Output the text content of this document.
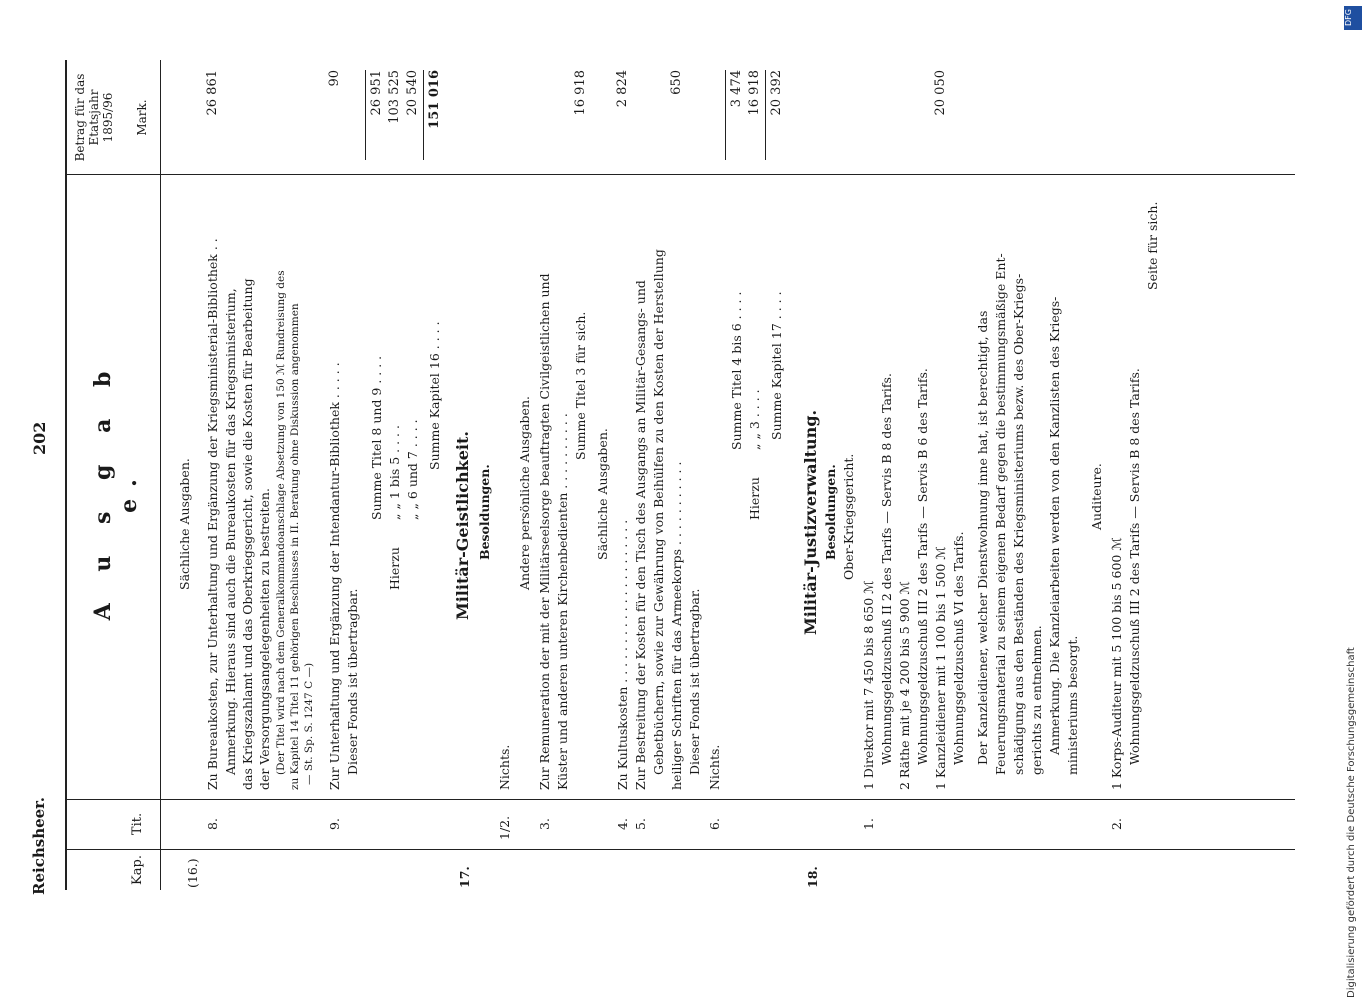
Reichsheer.
202
Kap.
Tit.
A u s g a b e.
Betrag für das Etatsjahr 1895/96 Mark.
(16.)
Sächliche Ausgaben.
8.
Zu Bureaukosten, zur Unterhaltung und Ergänzung der Kriegsministerial-Bibliothek . . Anmerkung. Hieraus sind auch die Bureaukosten für das Kriegsministerium, das Kriegszahlamt und das Oberkriegsgericht, sowie die Kosten für Bearbeitung der Versorgungsangelegenheiten zu bestreiten. (Der Titel wird nach dem Generalkommandoanschlage Absetzung von 150 ℳ Rundreisung des zu Kapitel 14 Titel 11 gehörigen Beschlusses in II. Beratung ohne Diskussion angenommen — St. Sp. S. 1247 C —)
26 861
9.
Zur Unterhaltung und Ergänzung der Intendantur-Bibliothek . . . . . Dieser Fonds ist übertragbar.
90
Summe Titel 8 und 9 . . . .
26 951
Hierzu
„ „ 1 bis 5 . . . .
103 525
„ „ 6 und 7 . . . .
20 540
Summe Kapitel 16 . . . .
151 016
17.
Militär-Geistlichkeit. Besoldungen.
1/2.
Nichts.
Andere persönliche Ausgaben.
3.
Zur Remuneration der mit der Militärseelsorge beauftragten Civilgeistlichen und Küster und anderen unteren Kirchenbedienten . . . . . . . . . .
Summe Titel 3 für sich.
16 918
Sächliche Ausgaben.
4.
Zu Kultuskosten . . . . . . . . . . . . . . . . . . . . .
2 824
5.
Zur Bestreitung der Kosten für den Tisch des Ausgangs an Militär-Gesangs- und Gebetbüchern, sowie zur Gewährung von Beihülfen zu den Kosten der Herstellung heiliger Schriften für das Armeekorps . . . . . . . . . . . Dieser Fonds ist übertragbar.
650
6.
Nichts.
Summe Titel 4 bis 6 . . . .
3 474
Hierzu
„ „ 3 . . . .
16 918
Summe Kapitel 17 . . . .
20 392
18.
Militär-Justizverwaltung. Besoldungen. Ober-Kriegsgericht.
1.
1 Direktor mit 7 450 bis 8 650 ℳ Wohnungsgeldzuschuß II 2 des Tarifs — Servis B 8 des Tarifs. 2 Räthe mit je 4 200 bis 5 900 ℳ Wohnungsgeldzuschuß III 2 des Tarifs — Servis B 6 des Tarifs. 1 Kanzleidiener mit 1 100 bis 1 500 ℳ Wohnungsgeldzuschuß VI des Tarifs.
20 050
Der Kanzleidiener, welcher Dienstwohnung inne hat, ist berechtigt, das Feuerungsmaterial zu seinem eigenen Bedarf gegen die bestimmungsmäßige Ent- schädigung aus den Beständen des Kriegsministeriums bezw. des Ober-Kriegs- gerichts zu entnehmen. Anmerkung. Die Kanzleiarbeiten werden von den Kanzlisten des Kriegs- ministeriums besorgt.
Auditeure.
2.
1 Korps-Auditeur mit 5 100 bis 5 600 ℳ Wohnungsgeldzuschuß III 2 des Tarifs — Servis B 8 des Tarifs.
Seite für sich.
Digitalisierung gefördert durch die Deutsche Forschungsgemeinschaft
DFG
